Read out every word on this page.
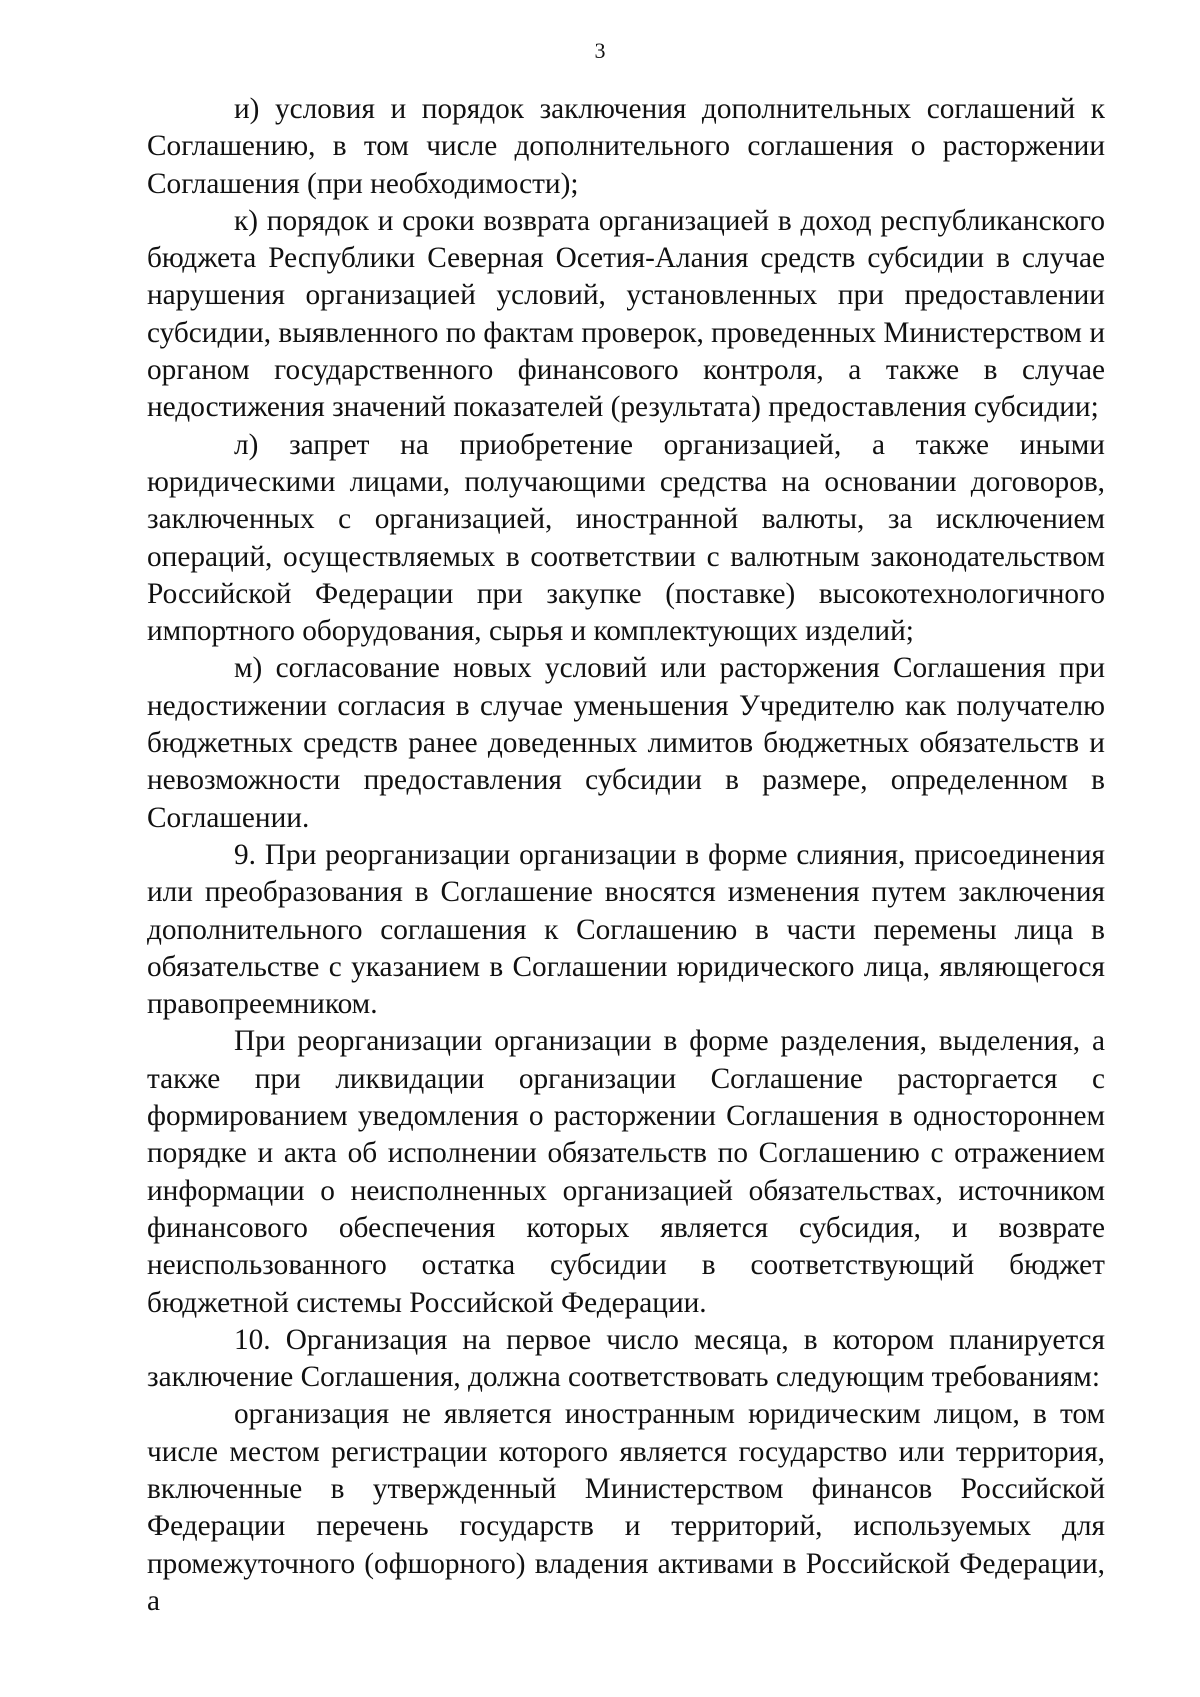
3

и) условия и порядок заключения дополнительных соглашений к Соглашению, в том числе дополнительного соглашения о расторжении Соглашения (при необходимости);

к) порядок и сроки возврата организацией в доход республиканского бюджета Республики Северная Осетия-Алания средств субсидии в случае нарушения организацией условий, установленных при предоставлении субсидии, выявленного по фактам проверок, проведенных Министерством и органом государственного финансового контроля, а также в случае недостижения значений показателей (результата) предоставления субсидии;

л) запрет на приобретение организацией, а также иными юридическими лицами, получающими средства на основании договоров, заключенных с организацией, иностранной валюты, за исключением операций, осуществляемых в соответствии с валютным законодательством Российской Федерации при закупке (поставке) высокотехнологичного импортного оборудования, сырья и комплектующих изделий;

м) согласование новых условий или расторжения Соглашения при недостижении согласия в случае уменьшения Учредителю как получателю бюджетных средств ранее доведенных лимитов бюджетных обязательств и невозможности предоставления субсидии в размере, определенном в Соглашении.

9. При реорганизации организации в форме слияния, присоединения или преобразования в Соглашение вносятся изменения путем заключения дополнительного соглашения к Соглашению в части перемены лица в обязательстве с указанием в Соглашении юридического лица, являющегося правопреемником.

При реорганизации организации в форме разделения, выделения, а также при ликвидации организации Соглашение расторгается с формированием уведомления о расторжении Соглашения в одностороннем порядке и акта об исполнении обязательств по Соглашению с отражением информации о неисполненных организацией обязательствах, источником финансового обеспечения которых является субсидия, и возврате неиспользованного остатка субсидии в соответствующий бюджет бюджетной системы Российской Федерации.

10. Организация на первое число месяца, в котором планируется заключение Соглашения, должна соответствовать следующим требованиям:

организация не является иностранным юридическим лицом, в том числе местом регистрации которого является государство или территория, включенные в утвержденный Министерством финансов Российской Федерации перечень государств и территорий, используемых для промежуточного (офшорного) владения активами в Российской Федерации, а
